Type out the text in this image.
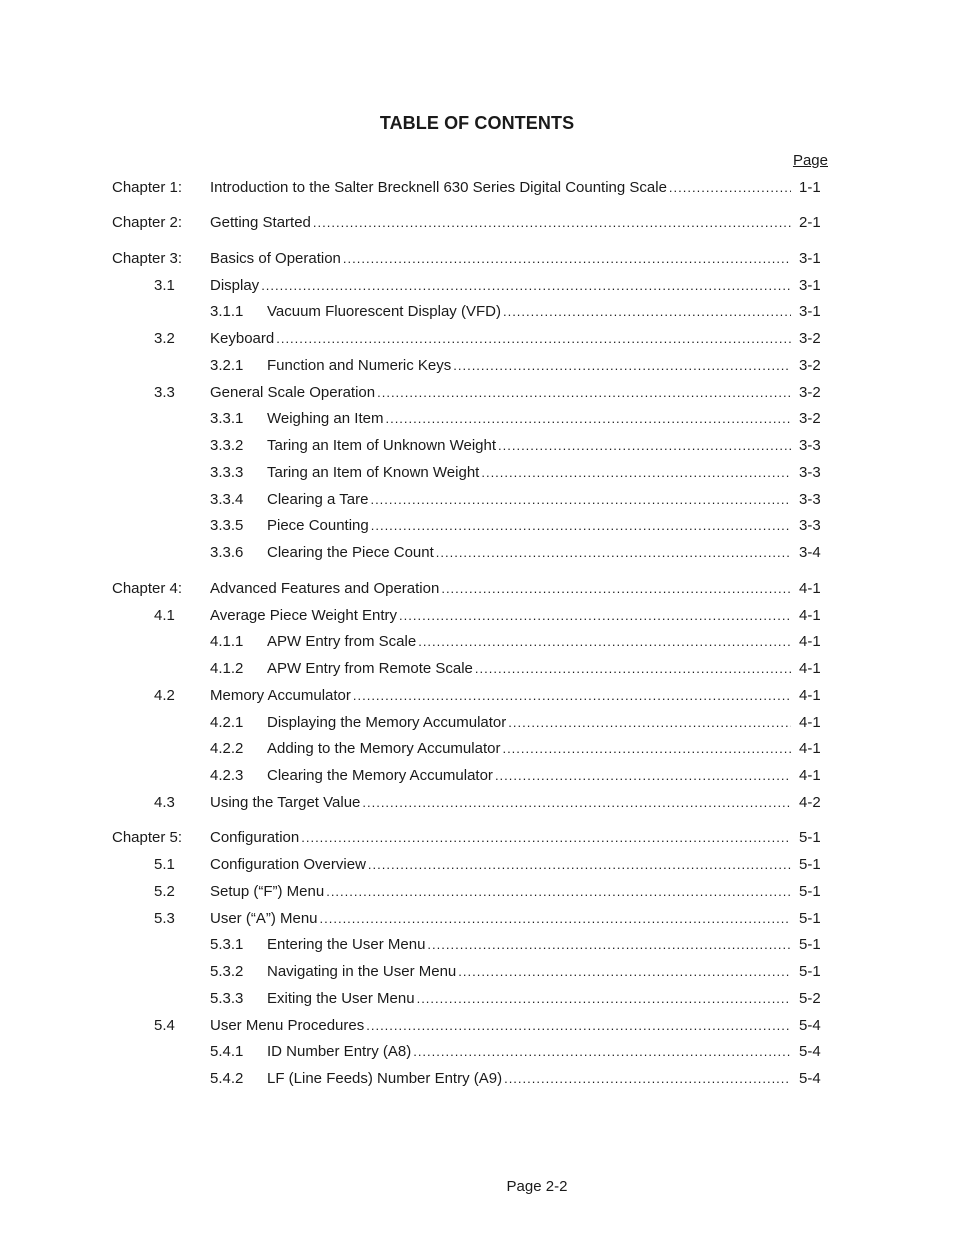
TABLE OF CONTENTS
Page
Chapter 1: Introduction to the Salter Brecknell 630 Series Digital Counting Scale .....	1-1
Chapter 2: Getting Started .....	2-1
Chapter 3: Basics of Operation .....	3-1
3.1 Display .....	3-1
3.1.1 Vacuum Fluorescent Display (VFD) .....	3-1
3.2 Keyboard .....	3-2
3.2.1 Function and Numeric Keys .....	3-2
3.3 General Scale Operation .....	3-2
3.3.1 Weighing an Item .....	3-2
3.3.2 Taring an Item of Unknown Weight .....	3-3
3.3.3 Taring an Item of Known Weight .....	3-3
3.3.4 Clearing a Tare .....	3-3
3.3.5 Piece Counting .....	3-3
3.3.6 Clearing the Piece Count .....	3-4
Chapter 4: Advanced Features and Operation .....	4-1
4.1 Average Piece Weight Entry .....	4-1
4.1.1 APW Entry from Scale .....	4-1
4.1.2 APW Entry from Remote Scale .....	4-1
4.2 Memory Accumulator .....	4-1
4.2.1 Displaying the Memory Accumulator .....	4-1
4.2.2 Adding to the Memory Accumulator .....	4-1
4.2.3 Clearing the Memory Accumulator .....	4-1
4.3 Using the Target Value .....	4-2
Chapter 5: Configuration .....	5-1
5.1 Configuration Overview .....	5-1
5.2 Setup (“F”) Menu .....	5-1
5.3 User (“A”) Menu .....	5-1
5.3.1 Entering the User Menu .....	5-1
5.3.2 Navigating in the User Menu .....	5-1
5.3.3 Exiting the User Menu .....	5-2
5.4 User Menu Procedures .....	5-4
5.4.1 ID Number Entry (A8) .....	5-4
5.4.2 LF (Line Feeds) Number Entry (A9) .....	5-4
Page 2-2
